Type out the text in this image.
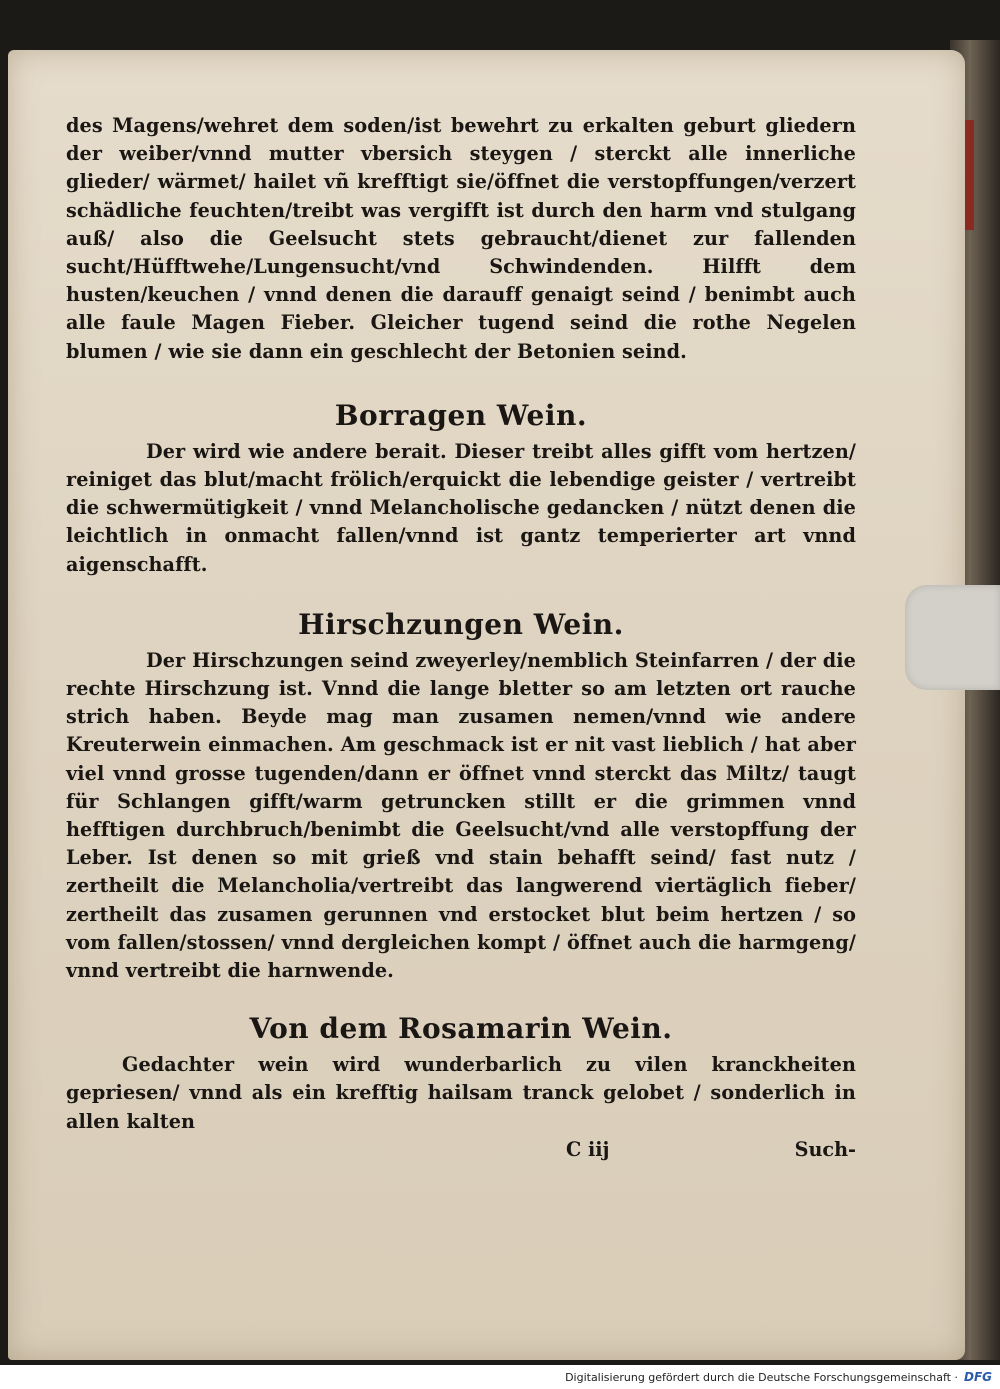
des Magens/wehret dem soden/ist bewehrt zu erkalten geburt gliedern der weiber/vnnd mutter vbersich steygen / sterckt alle innerliche glieder/ wärmet/ hailet vñ krefftigt sie/öffnet die verstopffungen/verzert schädliche feuchten/treibt was vergifft ist durch den harm vnd stulgang auß/ also die Geelsucht stets gebraucht/dienet zur fallenden sucht/Hüfftwehe/Lungensucht/vnd Schwindenden. Hilfft dem husten/keuchen / vnnd denen die darauff genaigt seind / benimbt auch alle faule Magen Fieber. Gleicher tugend seind die rothe Negelen blumen / wie sie dann ein geschlecht der Betonien seind.

Borragen Wein.

Der wird wie andere berait. Dieser treibt alles gifft vom hertzen/ reiniget das blut/macht frölich/erquickt die lebendige geister / vertreibt die schwermütigkeit / vnnd Melancholische gedancken / nützt denen die leichtlich in onmacht fallen/vnnd ist gantz temperierter art vnnd aigenschafft.

Hirschzungen Wein.

Der Hirschzungen seind zweyerley/nemblich Steinfarren / der die rechte Hirschzung ist. Vnnd die lange bletter so am letzten ort rauche strich haben. Beyde mag man zusamen nemen/vnnd wie andere Kreuterwein einmachen. Am geschmack ist er nit vast lieblich / hat aber viel vnnd grosse tugenden/dann er öffnet vnnd sterckt das Miltz/ taugt für Schlangen gifft/warm getruncken stillt er die grimmen vnnd hefftigen durchbruch/benimbt die Geelsucht/vnd alle verstopffung der Leber. Ist denen so mit grieß vnd stain behafft seind/ fast nutz / zertheilt die Melancholia/vertreibt das langwerend viertäglich fieber/ zertheilt das zusamen gerunnen vnd erstocket blut beim hertzen / so vom fallen/stossen/ vnnd dergleichen kompt / öffnet auch die harmgeng/ vnnd vertreibt die harnwende.

Von dem Rosamarin Wein.

Gedachter wein wird wunderbarlich zu vilen kranckheiten gepriesen/ vnnd als ein krefftig hailsam tranck gelobet / sonderlich in allen kalten

C iij	Such-
Digitalisierung gefördert durch die Deutsche Forschungsgemeinschaft · DFG
